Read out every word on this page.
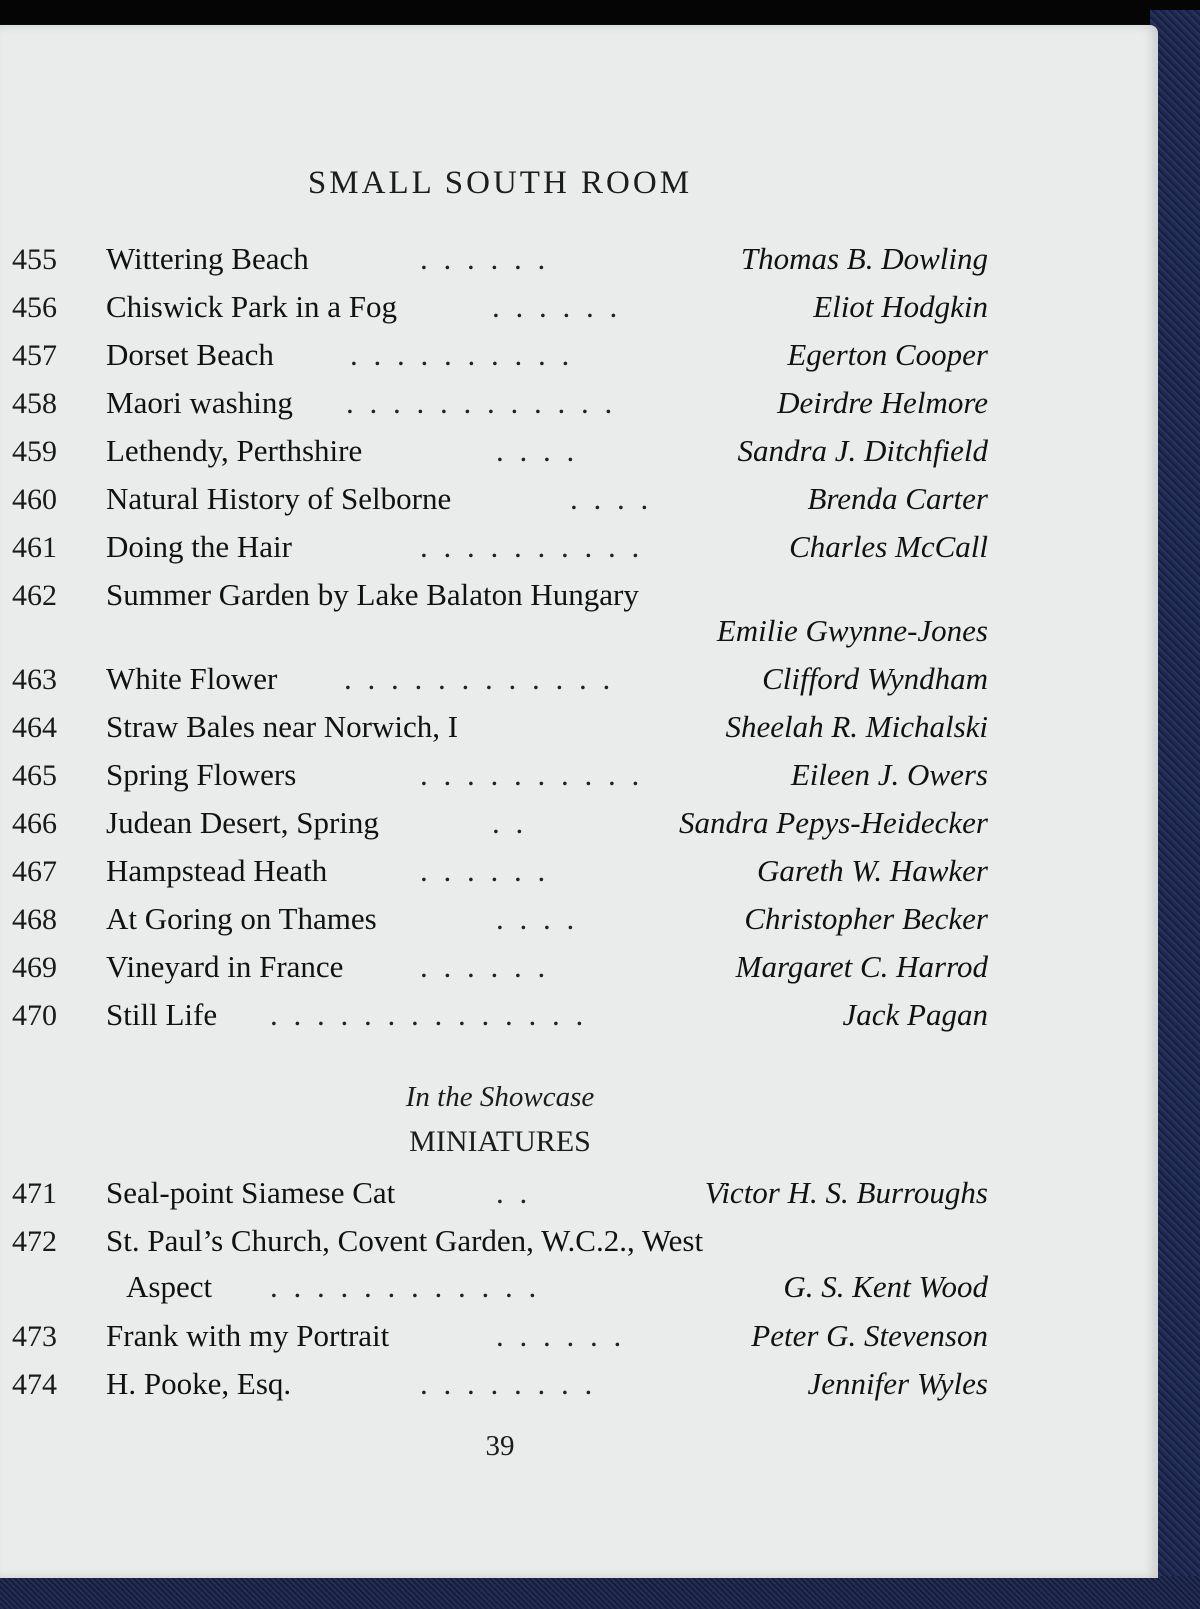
SMALL SOUTH ROOM
455 Wittering Beach	. . . . . .	Thomas B. Dowling
456 Chiswick Park in a Fog	. . . . . .	Eliot Hodgkin
457 Dorset Beach . . . . . . . . . .	Egerton Cooper
458 Maori washing . . . . . . . . . . . .	Deirdre Helmore
459 Lethendy, Perthshire	. . . .	Sandra J. Ditchfield
460 Natural History of Selborne	. . . .	Brenda Carter
461 Doing the Hair	. . . . . . . . . .	Charles McCall
462 Summer Garden by Lake Balaton Hungary
Emilie Gwynne-Jones
463 White Flower . . . . . . . . . . . .	Clifford Wyndham
464 Straw Bales near Norwich, I	Sheelah R. Michalski
465 Spring Flowers	. . . . . . . . . .	Eileen J. Owers
466 Judean Desert, Spring	. .	Sandra Pepys-Heidecker
467 Hampstead Heath	. . . . . .	Gareth W. Hawker
468 At Goring on Thames	. . . .	Christopher Becker
469 Vineyard in France . . . . . .	Margaret C. Harrod
470 Still Life . . . . . . . . . . . . . .	Jack Pagan
In the Showcase
MINIATURES
471 Seal-point Siamese Cat	. .	Victor H. S. Burroughs
472 St. Paul’s Church, Covent Garden, W.C.2., West
Aspect . . . . . . . . . . . .	G. S. Kent Wood
473 Frank with my Portrait	. . . . . .	Peter G. Stevenson
474 H. Pooke, Esq.	. . . . . . . .	Jennifer Wyles
39
